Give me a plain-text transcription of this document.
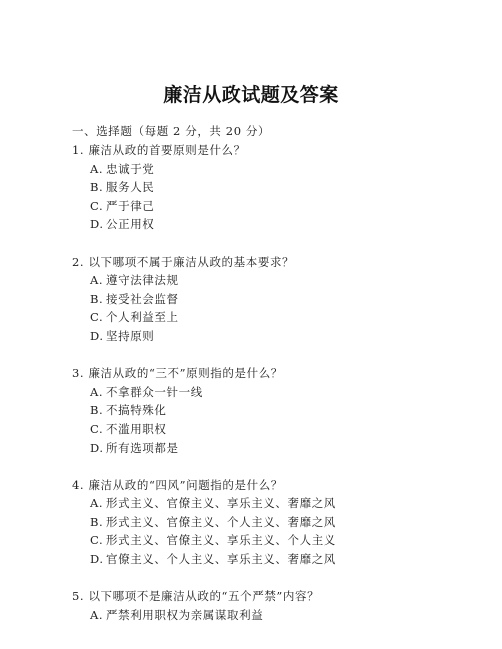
廉洁从政试题及答案
一、选择题（每题 2 分，共 20 分）
1. 廉洁从政的首要原则是什么？
A. 忠诚于党
B. 服务人民
C. 严于律己
D. 公正用权
2. 以下哪项不属于廉洁从政的基本要求？
A. 遵守法律法规
B. 接受社会监督
C. 个人利益至上
D. 坚持原则
3. 廉洁从政的“三不”原则指的是什么？
A. 不拿群众一针一线
B. 不搞特殊化
C. 不滥用职权
D. 所有选项都是
4. 廉洁从政的“四风”问题指的是什么？
A. 形式主义、官僚主义、享乐主义、奢靡之风
B. 形式主义、官僚主义、个人主义、奢靡之风
C. 形式主义、官僚主义、享乐主义、个人主义
D. 官僚主义、个人主义、享乐主义、奢靡之风
5. 以下哪项不是廉洁从政的“五个严禁”内容？
A. 严禁利用职权为亲属谋取利益
